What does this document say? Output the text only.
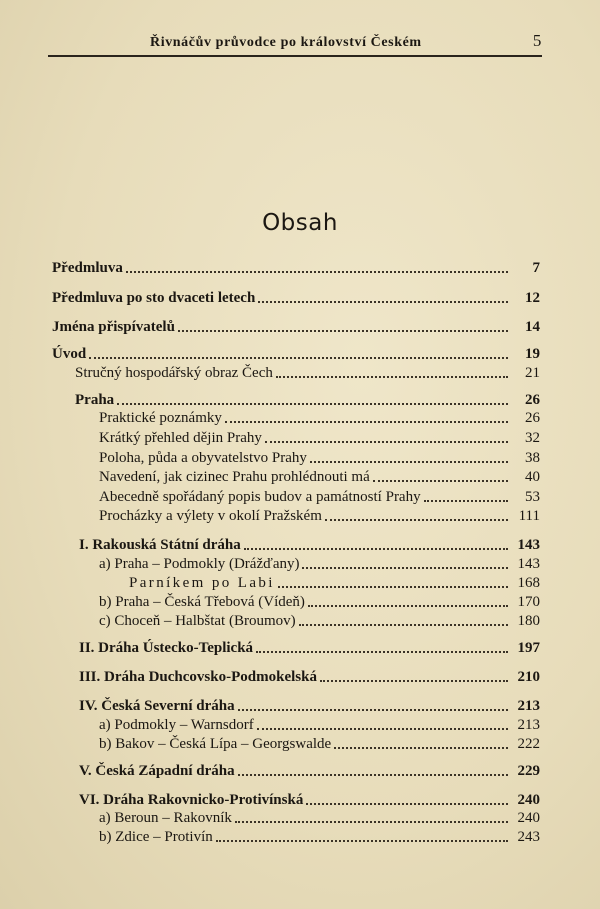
Řivnáčův průvodce po království Českém	5
Obsah
Předmluva	7
Předmluva po sto dvaceti letech	12
Jména přispívatelů	14
Úvod	19
Stručný hospodářský obraz Čech	21
Praha	26
Praktické poznámky	26
Krátký přehled dějin Prahy	32
Poloha, půda a obyvatelstvo Prahy	38
Navedení, jak cizinec Prahu prohlédnouti má	40
Abecedně spořádaný popis budov a památností Prahy	53
Procházky a výlety v okolí Pražském	111
I. Rakouská Státní dráha	143
a) Praha – Podmokly (Drážďany)	143
Parníkem po Labi	168
b) Praha – Česká Třebová (Vídeň)	170
c) Choceň – Halbštat (Broumov)	180
II. Dráha Ústecko-Teplická	197
III. Dráha Duchcovsko-Podmokelská	210
IV. Česká Severní dráha	213
a) Podmokly – Warnsdorf	213
b) Bakov – Česká Lípa – Georgswalde	222
V. Česká Západní dráha	229
VI. Dráha Rakovnicko-Protivínská	240
a) Beroun – Rakovník	240
b) Zdice – Protivín	243
